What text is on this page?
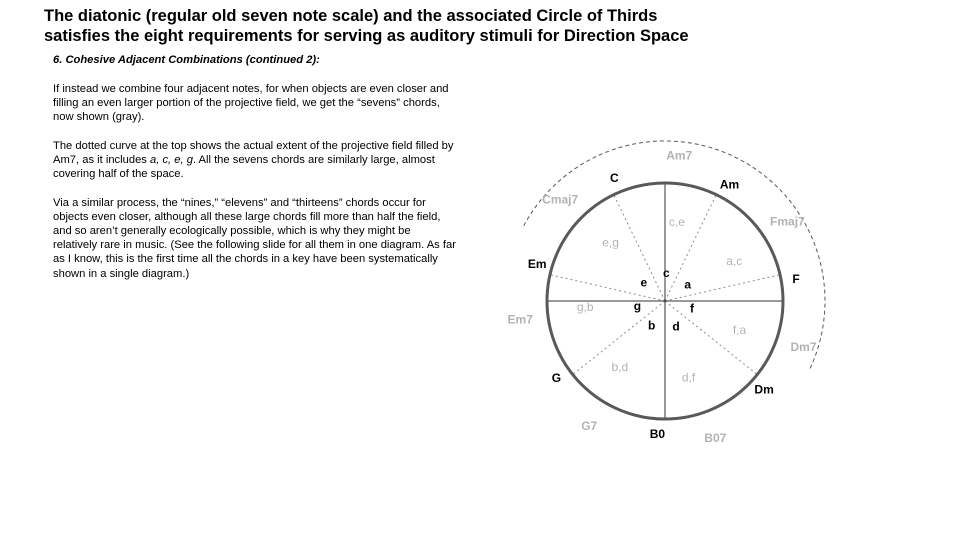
The diatonic (regular old seven note scale) and the associated Circle of Thirds
satisfies the eight requirements for serving as auditory stimuli for Direction Space
6. Cohesive Adjacent Combinations (continued 2):

If instead we combine four adjacent notes, for when objects are even closer and
filling an even larger portion of the projective field, we get the “sevens” chords,
now shown (gray).

The dotted curve at the top shows the actual extent of the projective field filled by
Am7, as it includes a, c, e, g. All the sevens chords are similarly large, almost
covering half of the space.

Via a similar process, the “nines,” “elevens” and “thirteens” chords occur for
objects even closer, although all these large chords fill more than half the field,
and so aren’t generally ecologically possible, which is why they might be
relatively rare in music. (See the following slide for all them in one diagram. As far
as I know, this is the first time all the chords in a key have been systematically
shown in a single diagram.)

Am
Fmaj7
a
a,c
F
Dm7
f
f,a
Dm
B07
d
d,f
B0
G7
b
b,d
G
Em7
g
g,b
Em
Cmaj7
e
e,g
C
Am7
c
c,e
